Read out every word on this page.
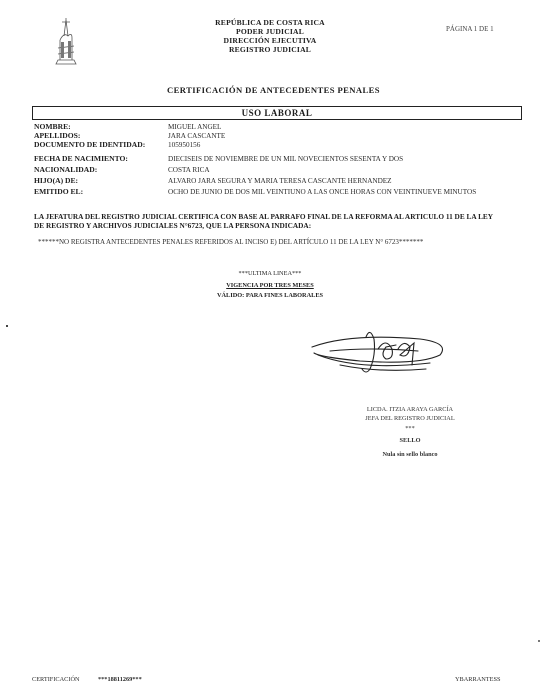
REPÚBLICA DE COSTA RICA
PODER JUDICIAL
DIRECCIÓN EJECUTIVA
REGISTRO JUDICIAL
PÁGINA 1 DE 1
CERTIFICACIÓN DE ANTECEDENTES PENALES
USO LABORAL
NOMBRE:	MIGUEL ANGEL
APELLIDOS:	JARA CASCANTE
DOCUMENTO DE IDENTIDAD:	105950156
FECHA DE NACIMIENTO:	DIECISEIS DE NOVIEMBRE DE UN MIL NOVECIENTOS SESENTA Y DOS
NACIONALIDAD:	COSTA RICA
HIJO(A) DE:	ALVARO JARA SEGURA Y MARIA TERESA CASCANTE HERNANDEZ
EMITIDO EL:	OCHO DE JUNIO DE DOS MIL VEINTIUNO A LAS ONCE HORAS CON VEINTINUEVE MINUTOS
LA JEFATURA DEL REGISTRO JUDICIAL CERTIFICA CON BASE AL PARRAFO FINAL DE LA REFORMA AL ARTICULO 11 DE LA LEY DE REGISTRO Y ARCHIVOS JUDICIALES N°6723, QUE LA PERSONA INDICADA:
******NO REGISTRA ANTECEDENTES PENALES REFERIDOS AL INCISO E) DEL ARTÍCULO 11 DE LA LEY N° 6723*******
***ULTIMA LINEA***
VIGENCIA POR TRES MESES
VÁLIDO: PARA FINES LABORALES
LICDA. ITZIA ARAYA GARCÍA
JEFA DEL REGISTRO JUDICIAL
***
SELLO
Nula sin sello blanco
CERTIFICACIÓN	***18811269***	YBARRANTESS
